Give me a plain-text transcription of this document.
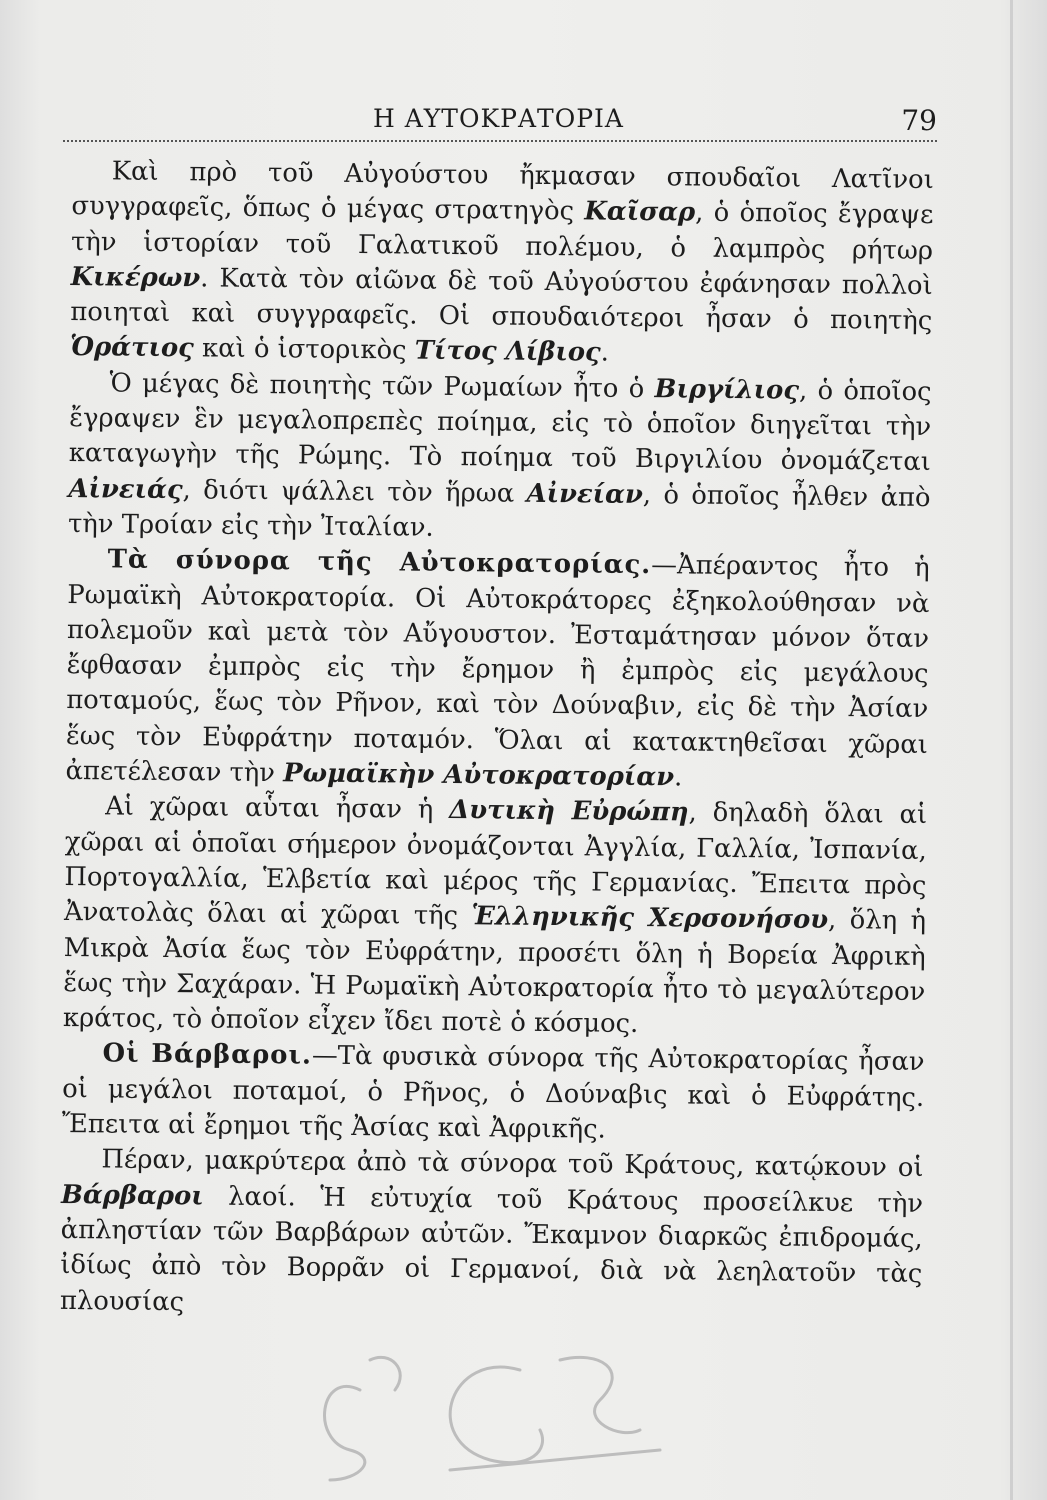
Η ΑΥΤΟΚΡΑΤΟΡΙΑ	79

Καὶ πρὸ τοῦ Αὐγούστου ἤκμασαν σπουδαῖοι Λατῖνοι συγγραφεῖς, ὅπως ὁ μέγας στρατηγὸς Καῖσαρ, ὁ ὁποῖος ἔγραψε τὴν ἱστορίαν τοῦ Γαλατικοῦ πολέμου, ὁ λαμπρὸς ρήτωρ Κικέρων. Κατὰ τὸν αἰῶνα δὲ τοῦ Αὐγούστου ἐφάνησαν πολλοὶ ποιηταὶ καὶ συγγραφεῖς. Οἱ σπουδαιότεροι ἦσαν ὁ ποιητὴς Ὁράτιος καὶ ὁ ἱστορικὸς Τίτος Λίβιος.

Ὁ μέγας δὲ ποιητὴς τῶν Ρωμαίων ἦτο ὁ Βιργίλιος, ὁ ὁποῖος ἔγραψεν ἓν μεγαλοπρεπὲς ποίημα, εἰς τὸ ὁποῖον διηγεῖται τὴν καταγωγὴν τῆς Ρώμης. Τὸ ποίημα τοῦ Βιργιλίου ὀνομάζεται Αἰνειάς, διότι ψάλλει τὸν ἥρωα Αἰνείαν, ὁ ὁποῖος ἦλθεν ἀπὸ τὴν Τροίαν εἰς τὴν Ἰταλίαν.

Τὰ σύνορα τῆς Αὐτοκρατορίας.—Ἀπέραντος ἦτο ἡ Ρωμαϊκὴ Αὐτοκρατορία. Οἱ Αὐτοκράτορες ἐξηκολούθησαν νὰ πολεμοῦν καὶ μετὰ τὸν Αὔγουστον. Ἐσταμάτησαν μόνον ὅταν ἔφθασαν ἐμπρὸς εἰς τὴν ἔρημον ἢ ἐμπρὸς εἰς μεγάλους ποταμούς, ἕως τὸν Ρῆνον, καὶ τὸν Δούναβιν, εἰς δὲ τὴν Ἀσίαν ἕως τὸν Εὐφράτην ποταμόν. Ὅλαι αἱ κατακτηθεῖσαι χῶραι ἀπετέλεσαν τὴν Ρωμαϊκὴν Αὐτοκρατορίαν.

Αἱ χῶραι αὗται ἦσαν ἡ Δυτικὴ Εὐρώπη, δηλαδὴ ὅλαι αἱ χῶραι αἱ ὁποῖαι σήμερον ὀνομάζονται Ἀγγλία, Γαλλία, Ἰσπανία, Πορτογαλλία, Ἑλβετία καὶ μέρος τῆς Γερμανίας. Ἔπειτα πρὸς Ἀνατολὰς ὅλαι αἱ χῶραι τῆς Ἑλληνικῆς Χερσονήσου, ὅλη ἡ Μικρὰ Ἀσία ἕως τὸν Εὐφράτην, προσέτι ὅλη ἡ Βορεία Ἀφρικὴ ἕως τὴν Σαχάραν. Ἡ Ρωμαϊκὴ Αὐτοκρατορία ἦτο τὸ μεγαλύτερον κράτος, τὸ ὁποῖον εἶχεν ἴδει ποτὲ ὁ κόσμος.

Οἱ Βάρβαροι.—Τὰ φυσικὰ σύνορα τῆς Αὐτοκρατορίας ἦσαν οἱ μεγάλοι ποταμοί, ὁ Ρῆνος, ὁ Δούναβις καὶ ὁ Εὐφράτης. Ἔπειτα αἱ ἔρημοι τῆς Ἀσίας καὶ Ἀφρικῆς.

Πέραν, μακρύτερα ἀπὸ τὰ σύνορα τοῦ Κράτους, κατῴκουν οἱ Βάρβαροι λαοί. Ἡ εὐτυχία τοῦ Κράτους προσείλκυε τὴν ἀπληστίαν τῶν Βαρβάρων αὐτῶν. Ἔκαμνον διαρκῶς ἐπιδρομάς, ἰδίως ἀπὸ τὸν Βορρᾶν οἱ Γερμανοί, διὰ νὰ λεηλατοῦν τὰς πλουσίας
